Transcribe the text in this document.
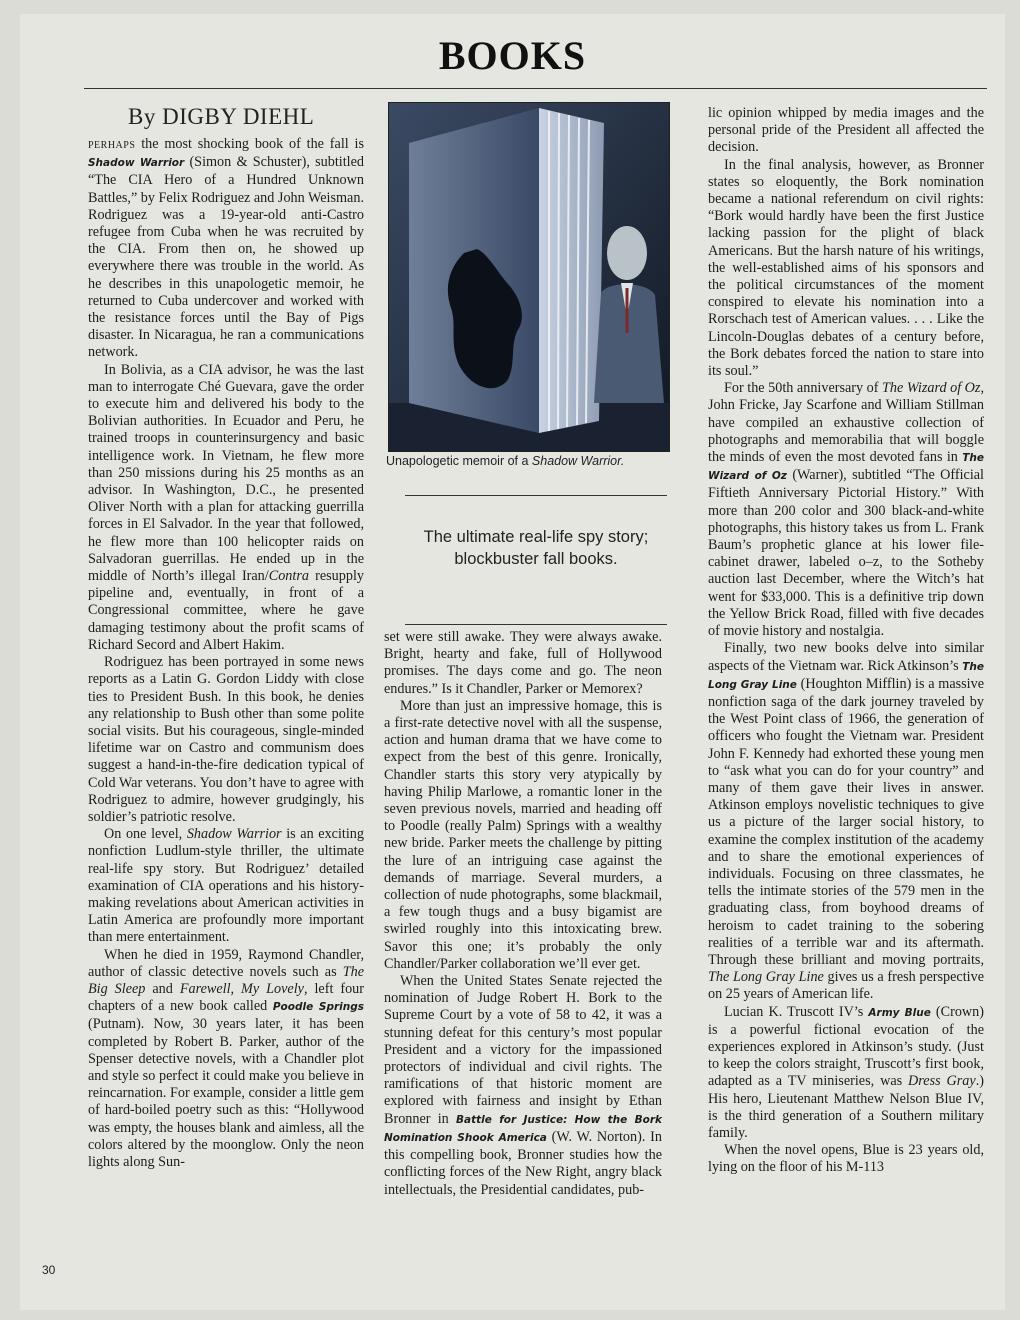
BOOKS
By DIGBY DIEHL

PERHAPS the most shocking book of the fall is Shadow Warrior (Simon & Schuster), subtitled “The CIA Hero of a Hundred Unknown Battles,” by Felix Rodriguez and John Weisman. Rodriguez was a 19-year-old anti-Castro refugee from Cuba when he was recruited by the CIA. From then on, he showed up everywhere there was trouble in the world. As he describes in this unapologetic memoir, he returned to Cuba undercover and worked with the resistance forces until the Bay of Pigs disaster. In Nicaragua, he ran a communications network.

In Bolivia, as a CIA advisor, he was the last man to interrogate Ché Guevara, gave the order to execute him and delivered his body to the Bolivian authorities. In Ecuador and Peru, he trained troops in counterinsurgency and basic intelligence work. In Vietnam, he flew more than 250 missions during his 25 months as an advisor. In Washington, D.C., he presented Oliver North with a plan for attacking guerrilla forces in El Salvador. In the year that followed, he flew more than 100 helicopter raids on Salvadoran guerrillas. He ended up in the middle of North’s illegal Iran/Contra resupply pipeline and, eventually, in front of a Congressional committee, where he gave damaging testimony about the profit scams of Richard Secord and Albert Hakim.

Rodriguez has been portrayed in some news reports as a Latin G. Gordon Liddy with close ties to President Bush. In this book, he denies any relationship to Bush other than some polite social visits. But his courageous, single-minded lifetime war on Castro and communism does suggest a hand-in-the-fire dedication typical of Cold War veterans. You don’t have to agree with Rodriguez to admire, however grudgingly, his soldier’s patriotic resolve.

On one level, Shadow Warrior is an exciting nonfiction Ludlum-style thriller, the ultimate real-life spy story. But Rodriguez’ detailed examination of CIA operations and his history-making revelations about American activities in Latin America are profoundly more important than mere entertainment.

When he died in 1959, Raymond Chandler, author of classic detective novels such as The Big Sleep and Farewell, My Lovely, left four chapters of a new book called Poodle Springs (Putnam). Now, 30 years later, it has been completed by Robert B. Parker, author of the Spenser detective novels, with a Chandler plot and style so perfect it could make you believe in reincarnation. For example, consider a little gem of hard-boiled poetry such as this: “Hollywood was empty, the houses blank and aimless, all the colors altered by the moonglow. Only the neon lights along Sun-

Unapologetic memoir of a Shadow Warrior.
The ultimate real-life spy story; blockbuster fall books.

set were still awake. They were always awake. Bright, hearty and fake, full of Hollywood promises. The days come and go. The neon endures.” Is it Chandler, Parker or Memorex?

More than just an impressive homage, this is a first-rate detective novel with all the suspense, action and human drama that we have come to expect from the best of this genre. Ironically, Chandler starts this story very atypically by having Philip Marlowe, a romantic loner in the seven previous novels, married and heading off to Poodle (really Palm) Springs with a wealthy new bride. Parker meets the challenge by pitting the lure of an intriguing case against the demands of marriage. Several murders, a collection of nude photographs, some blackmail, a few tough thugs and a busy bigamist are swirled roughly into this intoxicating brew. Savor this one; it’s probably the only Chandler/Parker collaboration we’ll ever get.

When the United States Senate rejected the nomination of Judge Robert H. Bork to the Supreme Court by a vote of 58 to 42, it was a stunning defeat for this century’s most popular President and a victory for the impassioned protectors of individual and civil rights. The ramifications of that historic moment are explored with fairness and insight by Ethan Bronner in Battle for Justice: How the Bork Nomination Shook America (W. W. Norton). In this compelling book, Bronner studies how the conflicting forces of the New Right, angry black intellectuals, the Presidential candidates, pub-

lic opinion whipped by media images and the personal pride of the President all affected the decision.

In the final analysis, however, as Bronner states so eloquently, the Bork nomination became a national referendum on civil rights: “Bork would hardly have been the first Justice lacking passion for the plight of black Americans. But the harsh nature of his writings, the well-established aims of his sponsors and the political circumstances of the moment conspired to elevate his nomination into a Rorschach test of American values. . . . Like the Lincoln-Douglas debates of a century before, the Bork debates forced the nation to stare into its soul.”

For the 50th anniversary of The Wizard of Oz, John Fricke, Jay Scarfone and William Stillman have compiled an exhaustive collection of photographs and memorabilia that will boggle the minds of even the most devoted fans in The Wizard of Oz (Warner), subtitled “The Official Fiftieth Anniversary Pictorial History.” With more than 200 color and 300 black-and-white photographs, this history takes us from L. Frank Baum’s prophetic glance at his lower file-cabinet drawer, labeled o–z, to the Sotheby auction last December, where the Witch’s hat went for $33,000. This is a definitive trip down the Yellow Brick Road, filled with five decades of movie history and nostalgia.

Finally, two new books delve into similar aspects of the Vietnam war. Rick Atkinson’s The Long Gray Line (Houghton Mifflin) is a massive nonfiction saga of the dark journey traveled by the West Point class of 1966, the generation of officers who fought the Vietnam war. President John F. Kennedy had exhorted these young men to “ask what you can do for your country” and many of them gave their lives in answer. Atkinson employs novelistic techniques to give us a picture of the larger social history, to examine the complex institution of the academy and to share the emotional experiences of individuals. Focusing on three classmates, he tells the intimate stories of the 579 men in the graduating class, from boyhood dreams of heroism to cadet training to the sobering realities of a terrible war and its aftermath. Through these brilliant and moving portraits, The Long Gray Line gives us a fresh perspective on 25 years of American life.

Lucian K. Truscott IV’s Army Blue (Crown) is a powerful fictional evocation of the experiences explored in Atkinson’s study. (Just to keep the colors straight, Truscott’s first book, adapted as a TV miniseries, was Dress Gray.) His hero, Lieutenant Matthew Nelson Blue IV, is the third generation of a Southern military family.

When the novel opens, Blue is 23 years old, lying on the floor of his M-113

30
